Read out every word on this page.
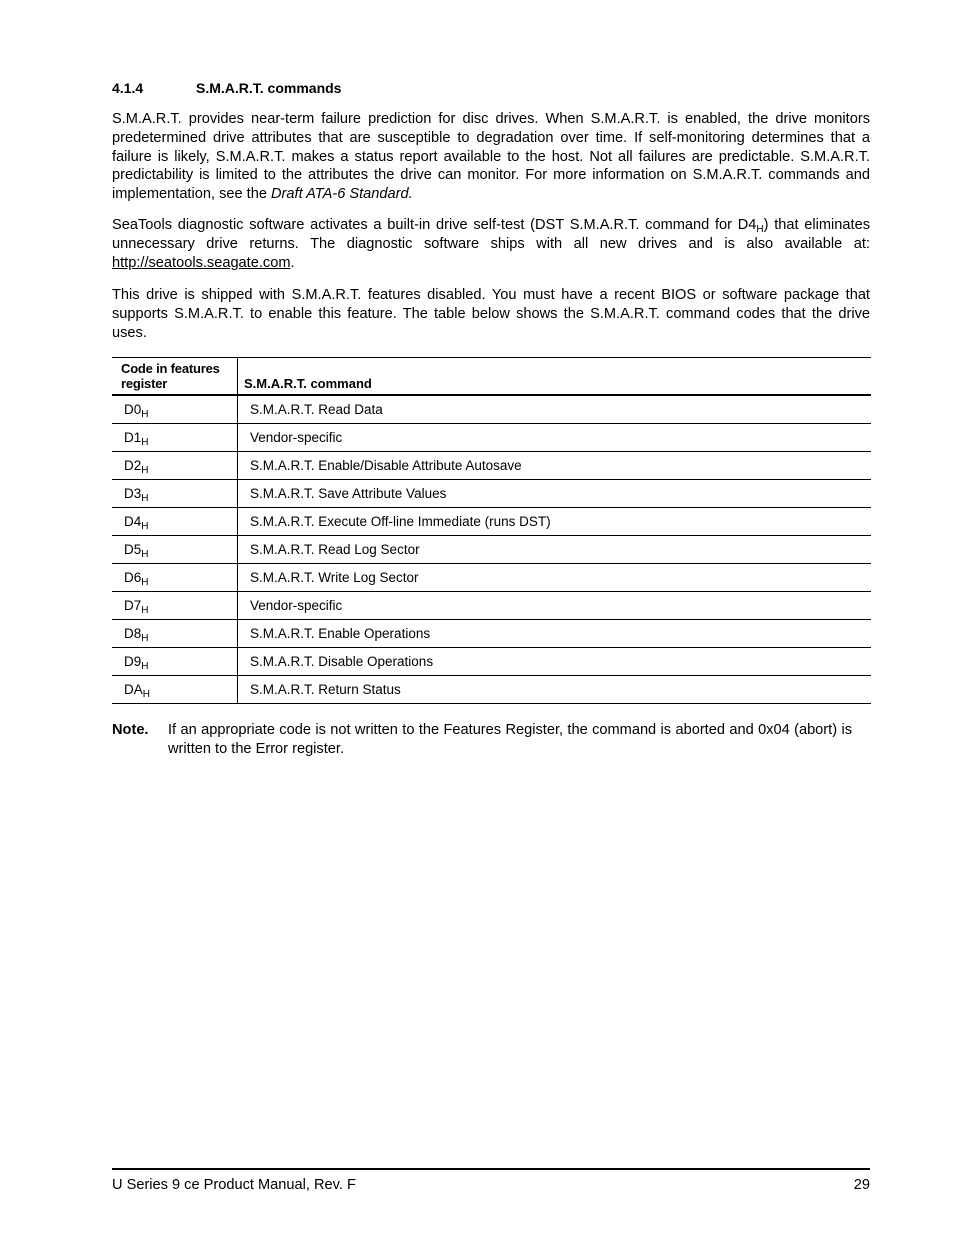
4.1.4	S.M.A.R.T. commands

S.M.A.R.T. provides near-term failure prediction for disc drives. When S.M.A.R.T. is enabled, the drive monitors predetermined drive attributes that are susceptible to degradation over time. If self-monitoring determines that a failure is likely, S.M.A.R.T. makes a status report available to the host. Not all failures are predictable. S.M.A.R.T. predictability is limited to the attributes the drive can monitor. For more information on S.M.A.R.T. commands and implementation, see the Draft ATA-6 Standard.

SeaTools diagnostic software activates a built-in drive self-test (DST S.M.A.R.T. command for $D4_H$) that eliminates unnecessary drive returns. The diagnostic software ships with all new drives and is also available at: http://seatools.seagate.com.

This drive is shipped with S.M.A.R.T. features disabled. You must have a recent BIOS or software package that supports S.M.A.R.T. to enable this feature. The table below shows the S.M.A.R.T. command codes that the drive uses.

Code in features
register	S.M.A.R.T. command
$D0_H$	S.M.A.R.T. Read Data
$D1_H$	Vendor-specific
$D2_H$	S.M.A.R.T. Enable/Disable Attribute Autosave
$D3_H$	S.M.A.R.T. Save Attribute Values
$D4_H$	S.M.A.R.T. Execute Off-line Immediate (runs DST)
$D5_H$	S.M.A.R.T. Read Log Sector
$D6_H$	S.M.A.R.T. Write Log Sector
$D7_H$	Vendor-specific
$D8_H$	S.M.A.R.T. Enable Operations
$D9_H$	S.M.A.R.T. Disable Operations
$DA_H$	S.M.A.R.T. Return Status
Note. If an appropriate code is not written to the Features Register, the command is aborted and 0x04 (abort) is written to the Error register.
U Series 9 ce Product Manual, Rev. F	29
